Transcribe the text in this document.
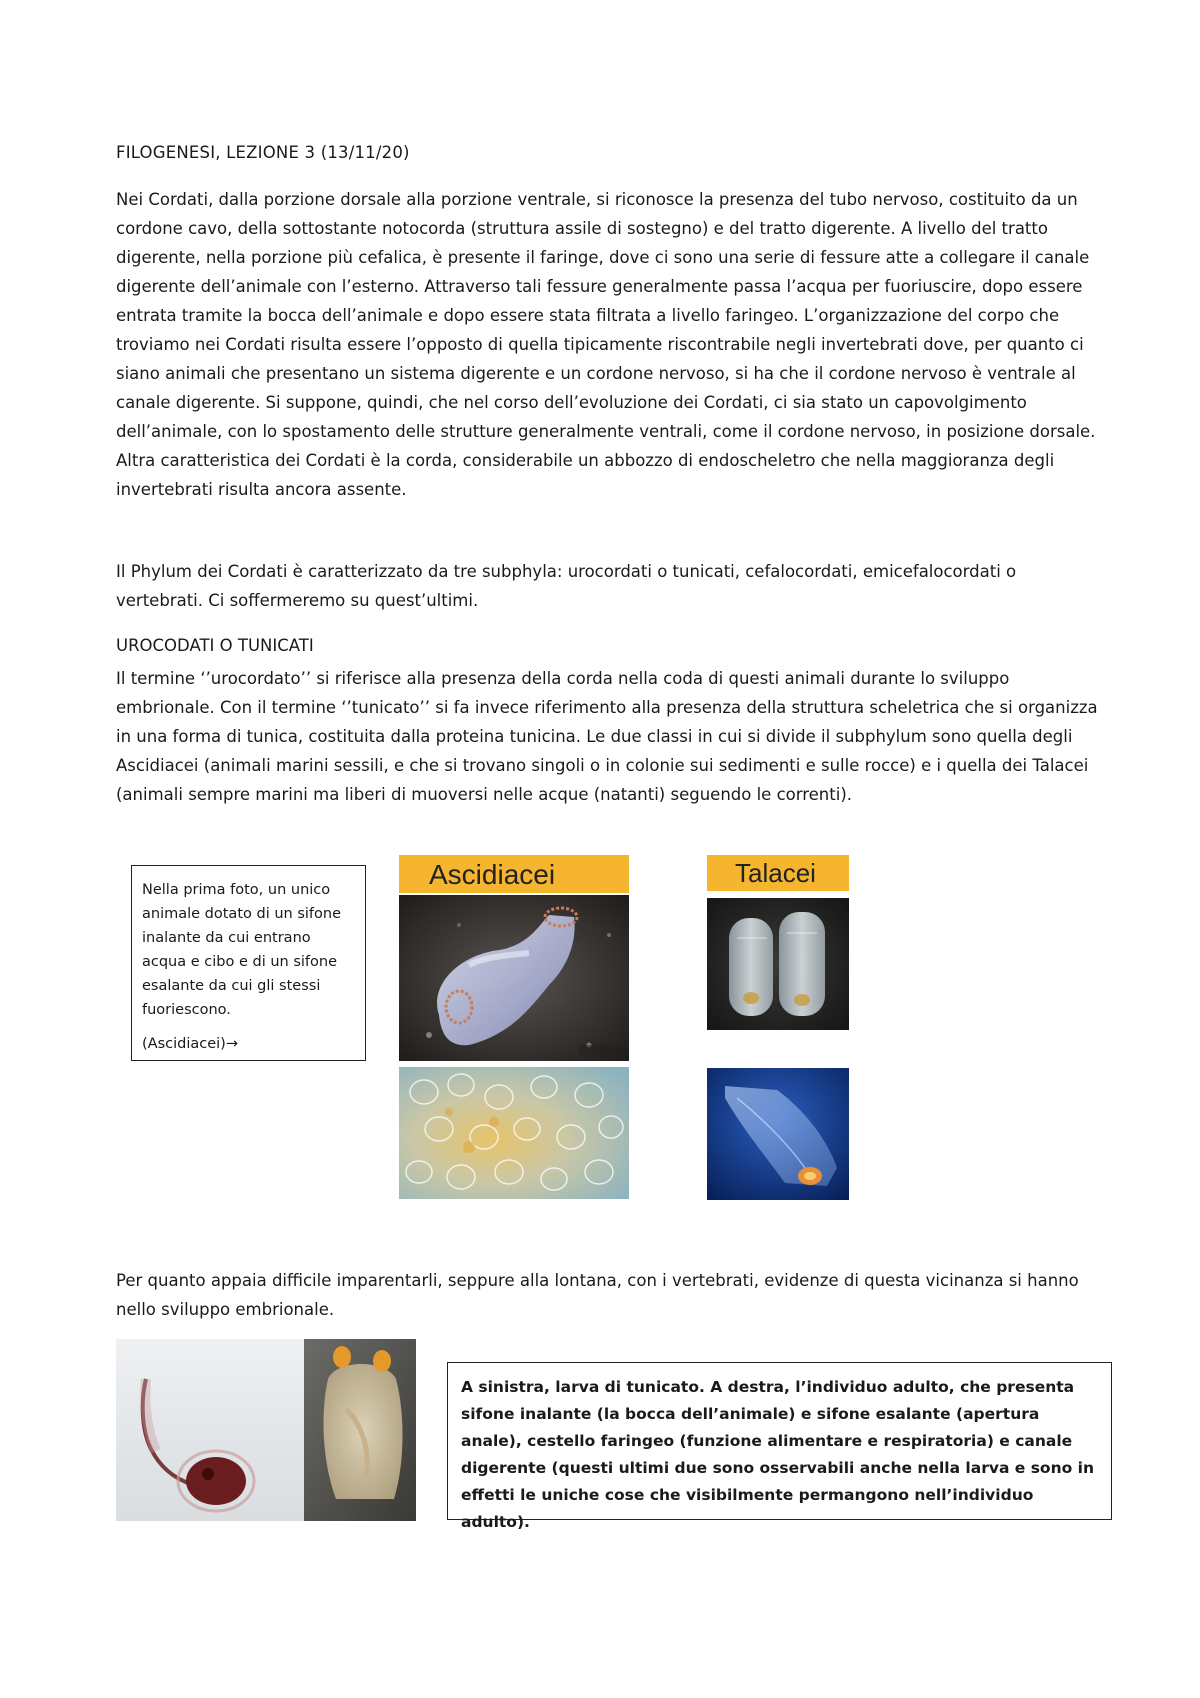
FILOGENESI, LEZIONE 3 (13/11/20)

Nei Cordati, dalla porzione dorsale alla porzione ventrale, si riconosce la presenza del tubo nervoso, costituito da un cordone cavo, della sottostante notocorda (struttura assile di sostegno) e del tratto digerente. A livello del tratto digerente, nella porzione più cefalica, è presente il faringe, dove ci sono una serie di fessure atte a collegare il canale digerente dell’animale con l’esterno. Attraverso tali fessure generalmente passa l’acqua per fuoriuscire, dopo essere entrata tramite la bocca dell’animale e dopo essere stata filtrata a livello faringeo. L’organizzazione del corpo che troviamo nei Cordati risulta essere l’opposto di quella tipicamente riscontrabile negli invertebrati dove, per quanto ci siano animali che presentano un sistema digerente e un cordone nervoso, si ha che il cordone nervoso è ventrale al canale digerente. Si suppone, quindi, che nel corso dell’evoluzione dei Cordati, ci sia stato un capovolgimento dell’animale, con lo spostamento delle strutture generalmente ventrali, come il cordone nervoso, in posizione dorsale. Altra caratteristica dei Cordati è la corda, considerabile un abbozzo di endoscheletro che nella maggioranza degli invertebrati risulta ancora assente.

Il Phylum dei Cordati è caratterizzato da tre subphyla: urocordati o tunicati, cefalocordati, emicefalocordati o vertebrati. Ci soffermeremo su quest’ultimi.

UROCODATI O TUNICATI

Il termine ‘’urocordato’’ si riferisce alla presenza della corda nella coda di questi animali durante lo sviluppo embrionale. Con il termine ‘’tunicato’’ si fa invece riferimento alla presenza della struttura scheletrica che si organizza in una forma di tunica, costituita dalla proteina tunicina. Le due classi in cui si divide il subphylum sono quella degli Ascidiacei (animali marini sessili, e che si trovano singoli o in colonie sui sedimenti e sulle rocce) e i quella dei Talacei (animali sempre marini ma liberi di muoversi nelle acque (natanti) seguendo le correnti).

Nella prima foto, un unico animale dotato di un sifone inalante da cui entrano acqua e cibo e di un sifone esalante da cui gli stessi fuoriescono.
(Ascidiacei)→
Ascidiacei	Talacei

Per quanto appaia difficile imparentarli, seppure alla lontana, con i vertebrati, evidenze di questa vicinanza si hanno nello sviluppo embrionale.

A sinistra, larva di tunicato. A destra, l’individuo adulto, che presenta sifone inalante (la bocca dell’animale) e sifone esalante (apertura anale), cestello faringeo (funzione alimentare e respiratoria) e canale digerente (questi ultimi due sono osservabili anche nella larva e sono in effetti le uniche cose che visibilmente permangono nell’individuo adulto).
